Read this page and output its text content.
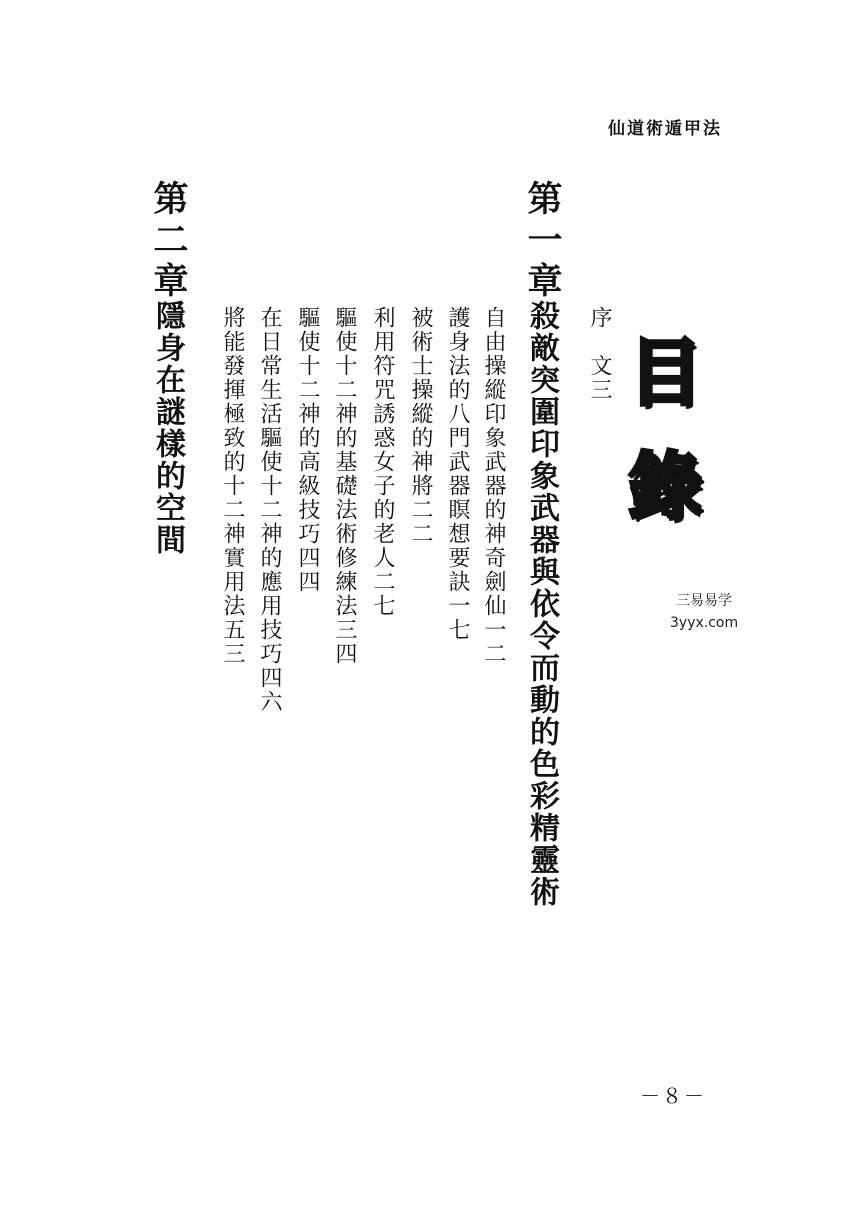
仙道術遁甲法
目
錄
三易易学
3yyx.com
序　文
三
第一章
殺敵突圍印象武器與依令而動的色彩精靈術
自由操縱印象武器的神奇劍仙
一二
護身法的八門武器瞑想要訣
一七
被術士操縱的神將
二二
利用符咒誘惑女子的老人
二七
驅使十二神的基礎法術修練法
三四
驅使十二神的高級技巧
四四
在日常生活驅使十二神的應用技巧
四六
將能發揮極致的十二神實用法
五三
第二章
隱身在謎樣的空間
－８－
